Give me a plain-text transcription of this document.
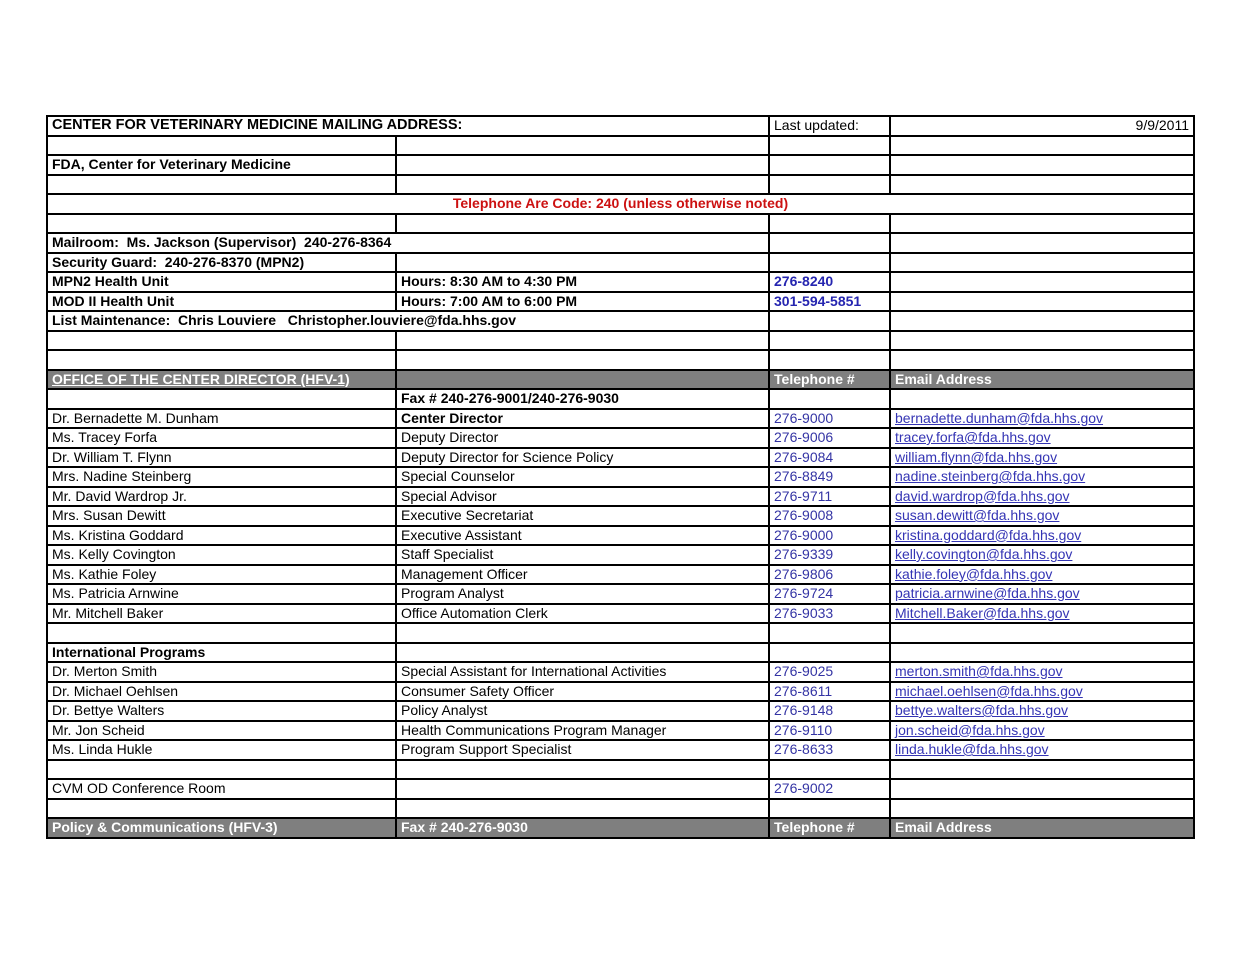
CENTER FOR VETERINARY MEDICINE MAILING ADDRESS:		Last updated:	9/9/2011

FDA, Center for Veterinary Medicine			

Telephone Are Code: 240 (unless otherwise noted)			

Mailroom:  Ms. Jackson (Supervisor)  240-276-8364			
Security Guard:  240-276-8370 (MPN2)			
MPN2 Health Unit	Hours: 8:30 AM to 4:30 PM	276-8240	
MOD II Health Unit	Hours: 7:00 AM to 6:00 PM	301-594-5851	
List Maintenance:  Chris Louviere   Christopher.louviere@fda.hhs.gov			

OFFICE OF THE CENTER DIRECTOR (HFV-1)		Telephone #	Email Address
	Fax # 240-276-9001/240-276-9030		
Dr. Bernadette M. Dunham	Center Director	276-9000	bernadette.dunham@fda.hhs.gov
Ms. Tracey Forfa	Deputy Director	276-9006	tracey.forfa@fda.hhs.gov
Dr. William T. Flynn	Deputy Director for Science Policy	276-9084	william.flynn@fda.hhs.gov
Mrs. Nadine Steinberg	Special Counselor	276-8849	nadine.steinberg@fda.hhs.gov
Mr. David Wardrop Jr.	Special Advisor	276-9711	david.wardrop@fda.hhs.gov
Mrs. Susan Dewitt	Executive Secretariat	276-9008	susan.dewitt@fda.hhs.gov
Ms. Kristina Goddard	Executive Assistant	276-9000	kristina.goddard@fda.hhs.gov
Ms. Kelly Covington	Staff Specialist	276-9339	kelly.covington@fda.hhs.gov
Ms. Kathie Foley	Management Officer	276-9806	kathie.foley@fda.hhs.gov
Ms. Patricia Arnwine	Program Analyst	276-9724	patricia.arnwine@fda.hhs.gov
Mr. Mitchell Baker	Office Automation Clerk	276-9033	Mitchell.Baker@fda.hhs.gov

International Programs			
Dr. Merton Smith	Special Assistant for International Activities	276-9025	merton.smith@fda.hhs.gov
Dr. Michael Oehlsen	Consumer Safety Officer	276-8611	michael.oehlsen@fda.hhs.gov
Dr. Bettye Walters	Policy Analyst	276-9148	bettye.walters@fda.hhs.gov
Mr. Jon Scheid	Health Communications Program Manager	276-9110	jon.scheid@fda.hhs.gov
Ms. Linda Hukle	Program Support Specialist	276-8633	linda.hukle@fda.hhs.gov

CVM OD Conference Room		276-9002	

Policy & Communications (HFV-3)	Fax # 240-276-9030	Telephone #	Email Address
